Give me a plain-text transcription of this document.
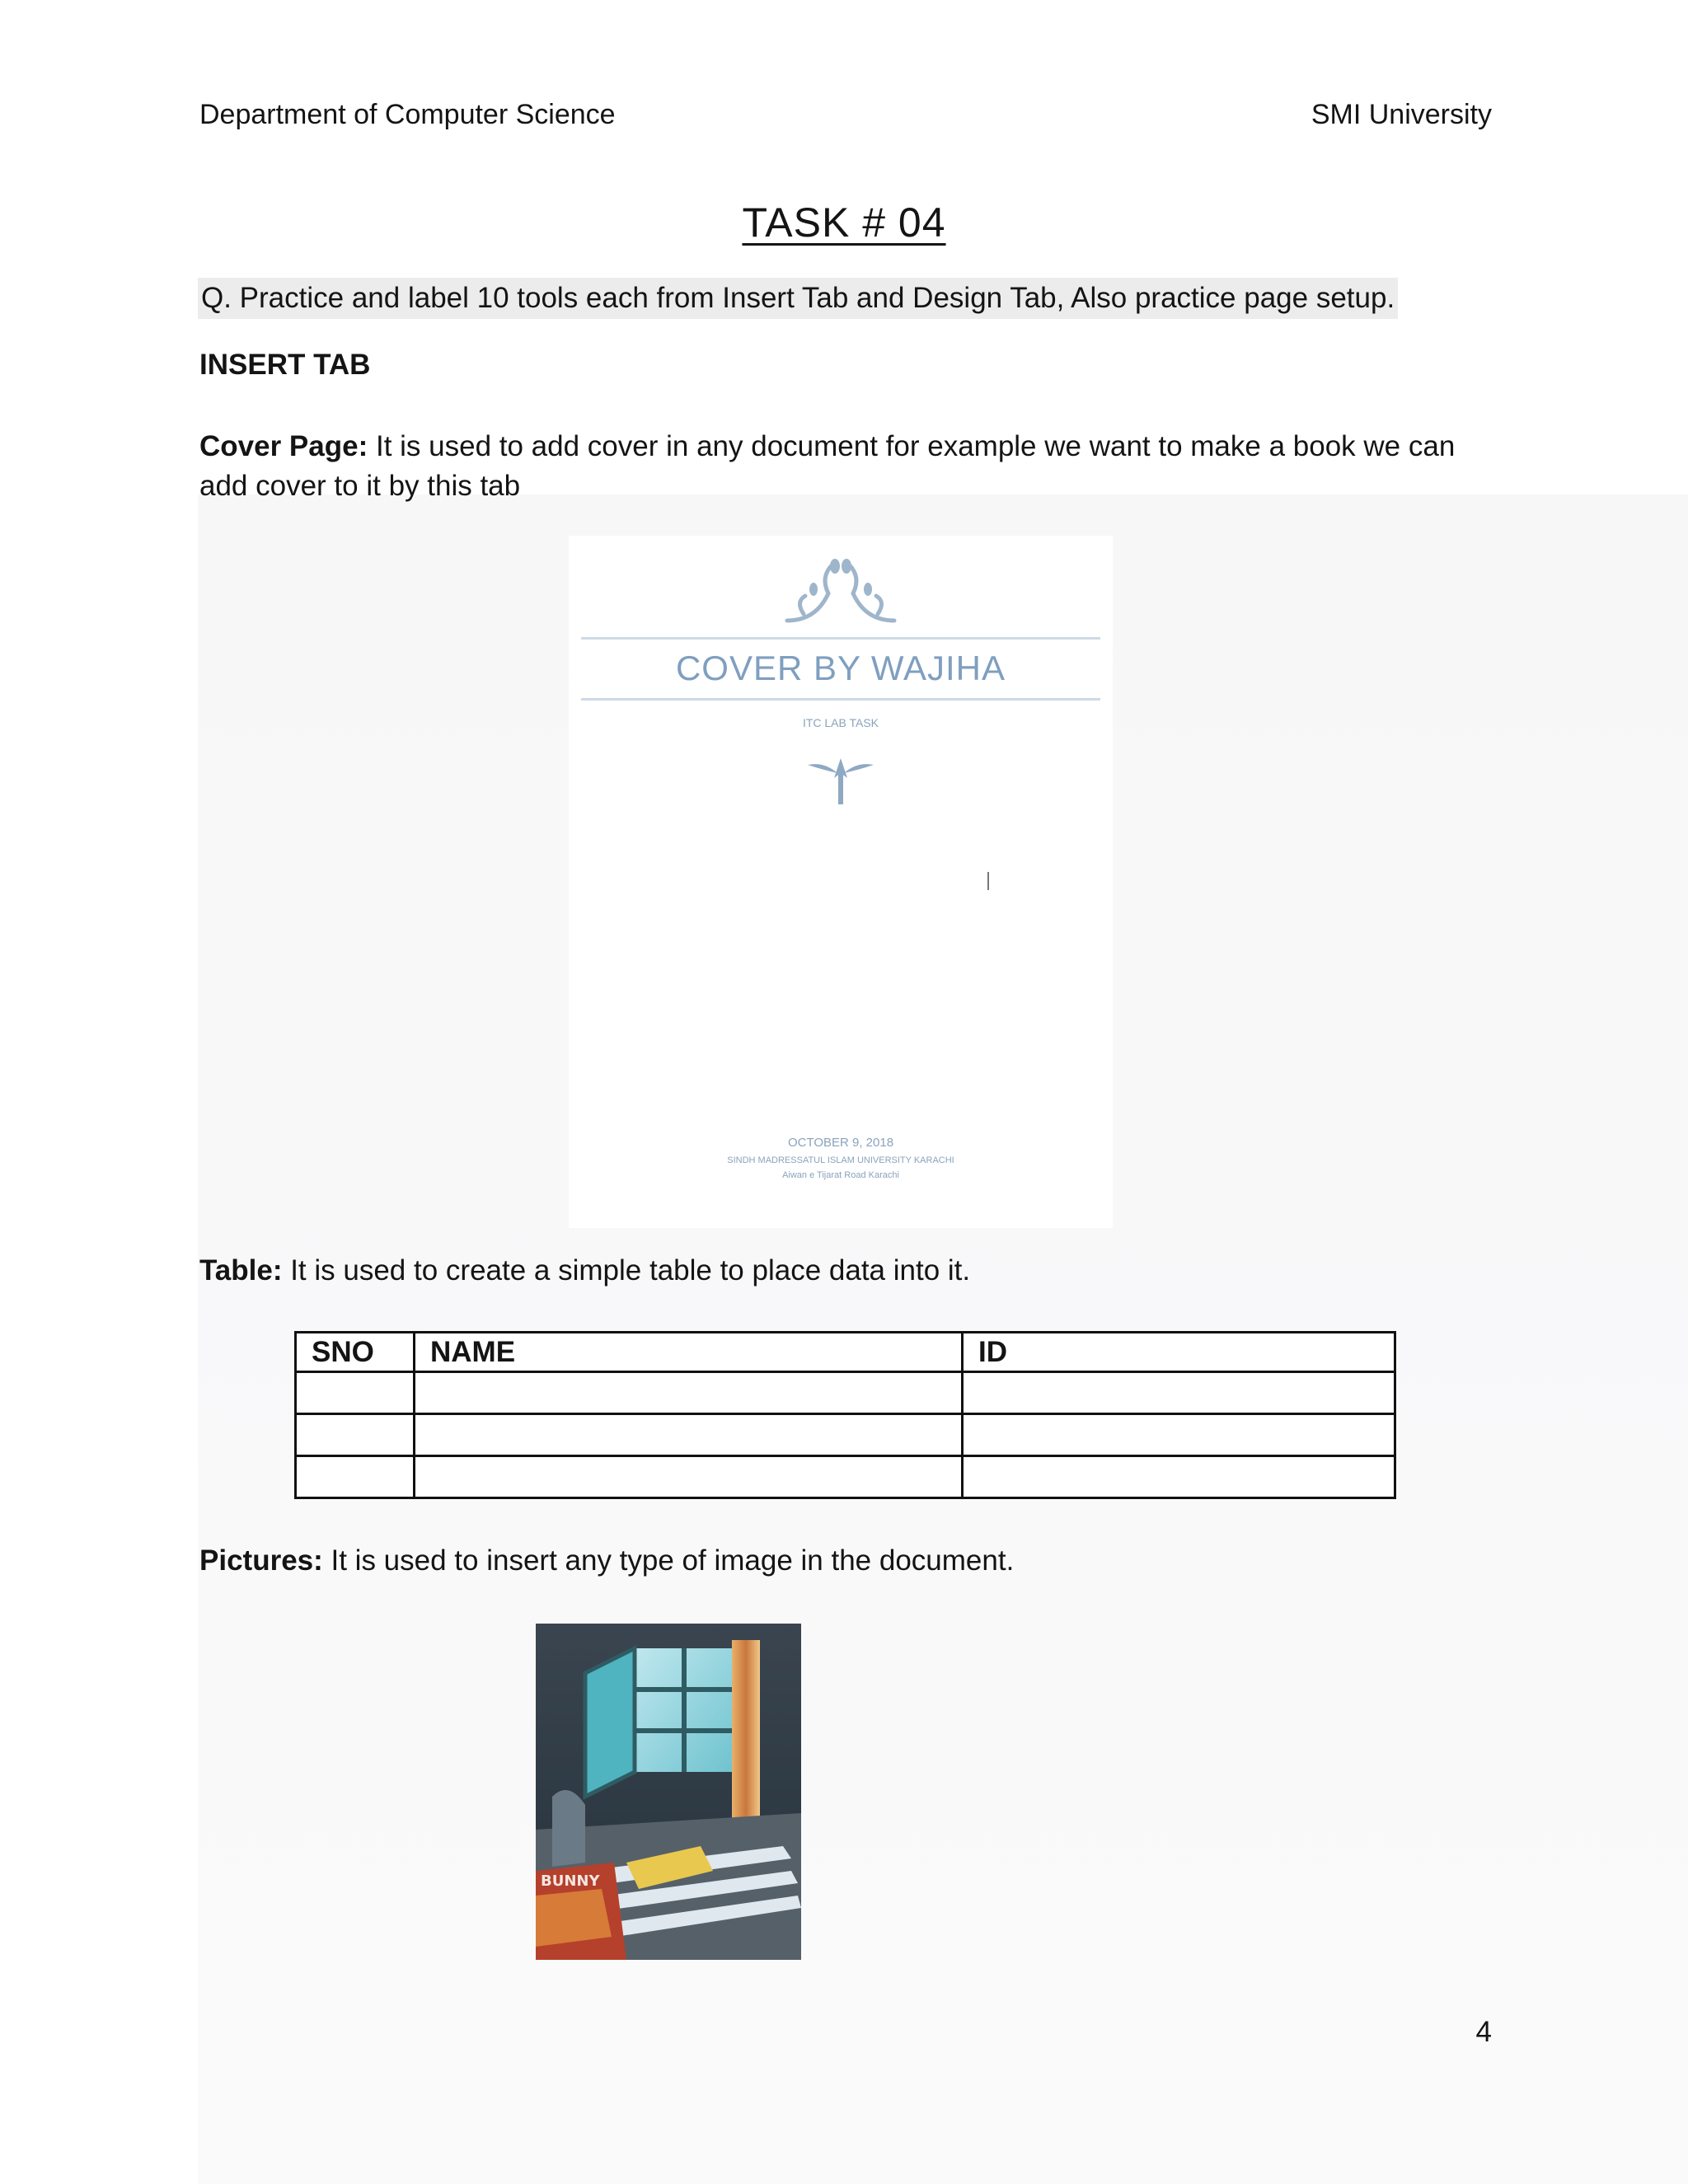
Department of Computer Science	SMI University
TASK # 04
Q. Practice and label 10 tools each from Insert Tab and Design Tab, Also practice page setup.
INSERT TAB
Cover Page: It is used to add cover in any document for example we want to make a book we can add cover to it by this tab
COVER BY WAJIHA
ITC LAB TASK
OCTOBER 9, 2018
SINDH MADRESSATUL ISLAM UNIVERSITY KARACHI
Aiwan e Tijarat Road Karachi
Table: It is used to create a simple table to place data into it.
SNO	NAME	ID

Pictures: It is used to insert any type of image in the document.
BUNNY
4
